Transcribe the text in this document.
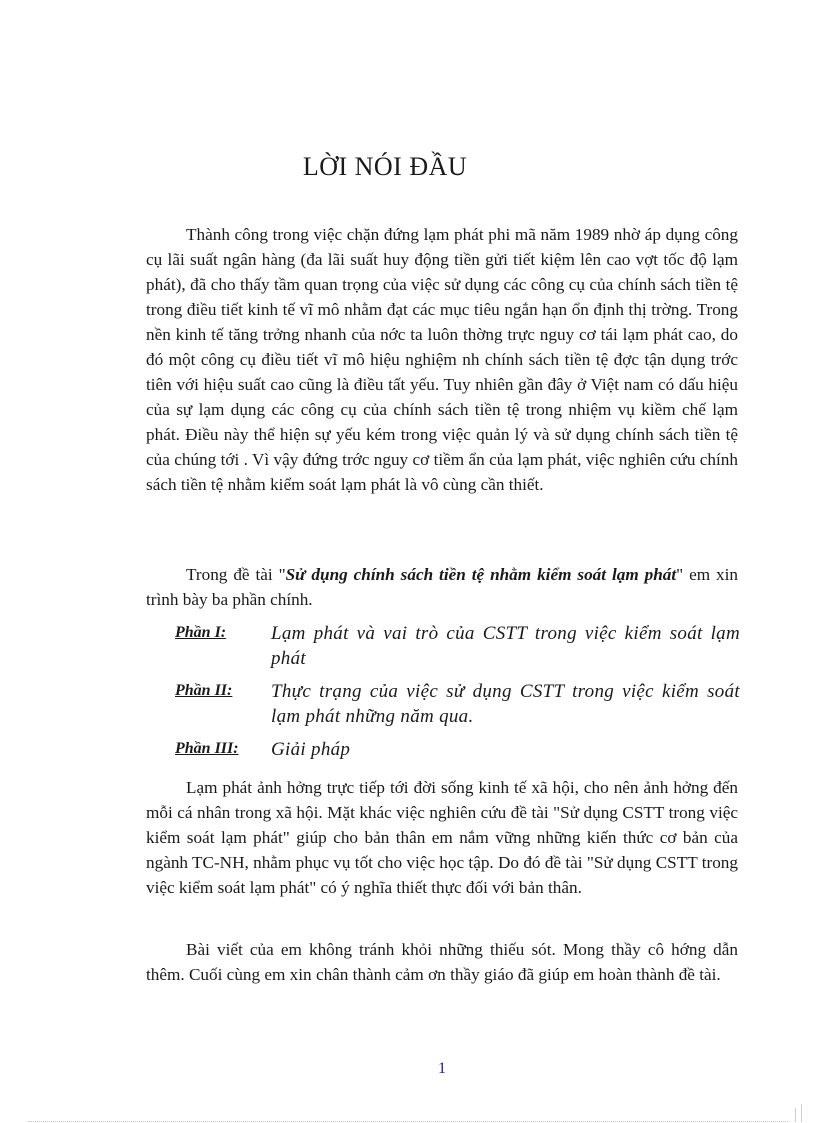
LỜI NÓI ĐẦU

Thành công trong việc chặn đứng lạm phát phi mã năm 1989 nhờ áp dụng công cụ lãi suất ngân hàng (đa lãi suất huy động tiền gửi tiết kiệm lên cao vợt tốc độ lạm phát), đã cho thấy tầm quan trọng của việc sử dụng các công cụ của chính sách tiền tệ trong điều tiết kinh tế vĩ mô nhằm đạt các mục tiêu ngắn hạn ổn định thị trờng. Trong nền kinh tế tăng trởng nhanh của nớc ta luôn thờng trực nguy cơ tái lạm phát cao, do đó một công cụ điều tiết vĩ mô hiệu nghiệm nh chính sách tiền tệ đợc tận dụng trớc tiên với hiệu suất cao cũng là điều tất yếu. Tuy nhiên gần đây ở Việt nam có dấu hiệu của sự lạm dụng các công cụ của chính sách tiền tệ trong nhiệm vụ kiềm chế lạm phát. Điều này thể hiện sự yếu kém trong việc quản lý và sử dụng chính sách tiền tệ của chúng tới . Vì vậy đứng trớc nguy cơ tiềm ẩn của lạm phát, việc nghiên cứu chính sách tiền tệ nhằm kiểm soát lạm phát là vô cùng cần thiết.

Trong đề tài "Sử dụng chính sách tiền tệ nhằm kiểm soát lạm phát" em xin trình bày ba phần chính.

Phần I:	Lạm phát và vai trò của CSTT trong việc kiểm soát lạm phát
Phần II:	Thực trạng của việc sử dụng CSTT trong việc kiểm soát lạm phát những năm qua.
Phần III:	Giải pháp

Lạm phát ảnh hởng trực tiếp tới đời sống kinh tế xã hội, cho nên ảnh hởng đến mỗi cá nhân trong xã hội. Mặt khác việc nghiên cứu đề tài "Sử dụng CSTT trong việc kiểm soát lạm phát" giúp cho bản thân em nắm vững những kiến thức cơ bản của ngành TC-NH, nhằm phục vụ tốt cho việc học tập. Do đó đề tài "Sử dụng CSTT trong việc kiểm soát lạm phát" có ý nghĩa thiết thực đối với bản thân.

Bài viết của em không tránh khỏi những thiếu sót. Mong thầy cô hớng dẫn thêm. Cuối cùng em xin chân thành cảm ơn thầy giáo đã giúp em hoàn thành đề tài.

1
